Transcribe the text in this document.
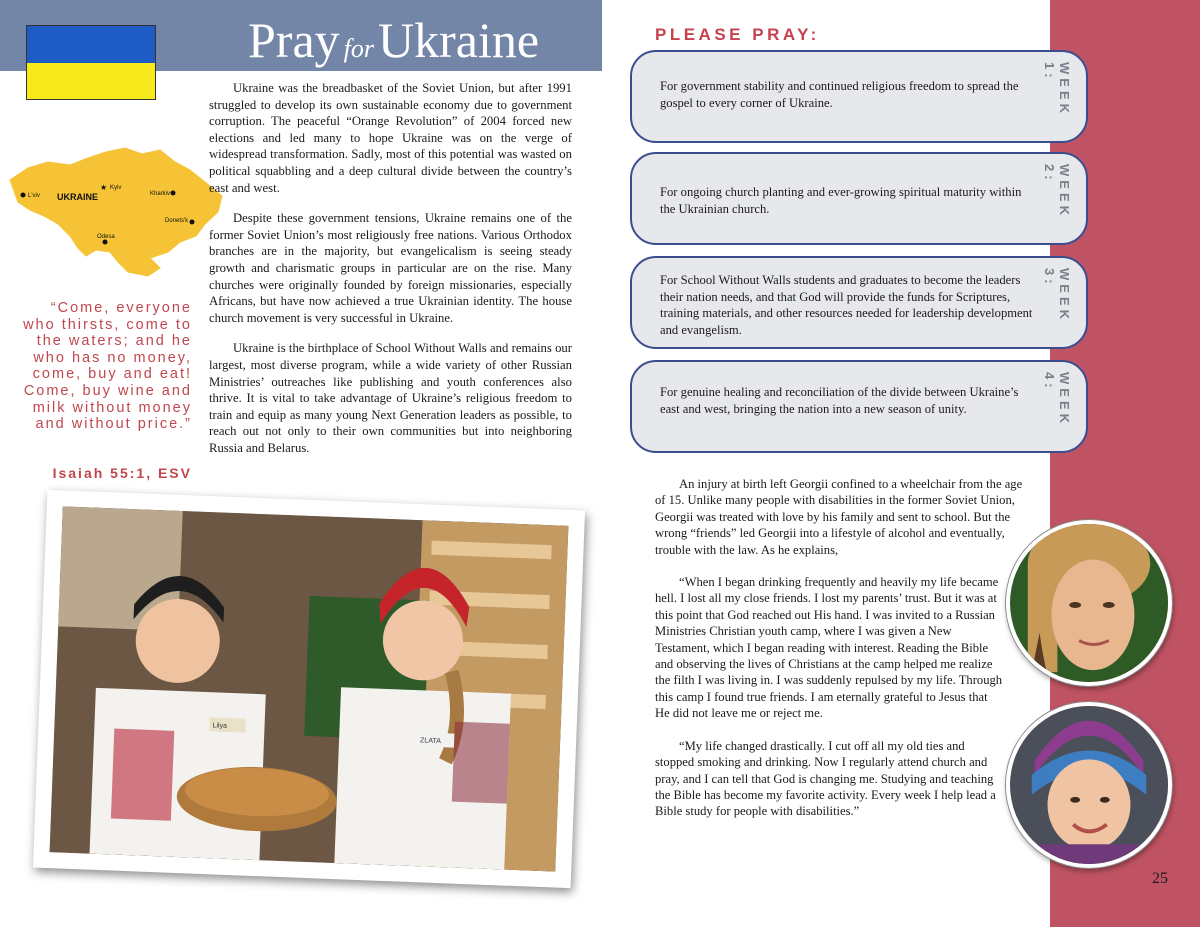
Pray forUkraine
L'viv UKRAINE
★ Kyiv
Kharkiv
Donets'k
Odesa
“Come, everyone who thirsts, come to the waters; and he who has no money, come, buy and eat! Come, buy wine and milk without money and without price.”
Isaiah 55:1, ESV

Ukraine was the breadbasket of the Soviet Union, but after 1991 struggled to develop its own sustainable economy due to government corruption. The peaceful “Orange Revolution” of 2004 forced new elections and led many to hope Ukraine was on the verge of widespread transformation. Sadly, most of this potential was wasted on political squabbling and a deep cultural divide between the country’s east and west.

Despite these government tensions, Ukraine remains one of the former Soviet Union’s most religiously free nations. Various Orthodox branches are in the majority, but evangelicalism is seeing steady growth and charismatic groups in particular are on the rise. Many churches were originally founded by foreign missionaries, especially Africans, but have now achieved a true Ukrainian identity. The house church movement is very successful in Ukraine.

Ukraine is the birthplace of School Without Walls and remains our largest, most diverse program, while a wide variety of other Russian Ministries’ outreaches like publishing and youth conferences also thrive. It is vital to take advantage of Ukraine’s religious freedom to train and equip as many young Next Generation leaders as possible, to reach out not only to their own communities but into neighboring Russia and Belarus.

Lilya
ZLATA
PLEASE PRAY:
For government stability and continued religious freedom to spread the gospel to every corner of Ukraine.	WEEK 1:
For ongoing church planting and ever-growing spiritual maturity within the Ukrainian church.	WEEK 2:
For School Without Walls students and graduates to become the leaders their nation needs, and that God will provide the funds for Scriptures, training materials, and other resources needed for leadership development and evangelism.
WEEK 3:
For genuine healing and reconciliation of the divide between Ukraine’s east and west, bringing the nation into a new season of unity.	WEEK 4:

An injury at birth left Georgii confined to a wheelchair from the age of 15. Unlike many people with disabilities in the former Soviet Union, Georgii was treated with love by his family and sent to school. But the wrong “friends” led Georgii into a lifestyle of alcohol and eventually, trouble with the law. As he explains,

“When I began drinking frequently and heavily my life became hell. I lost all my close friends. I lost my parents’ trust. But it was at this point that God reached out His hand. I was invited to a Russian Ministries Christian youth camp, where I was given a New Testament, which I began reading with interest. Reading the Bible and observing the lives of Christians at the camp helped me realize the filth I was living in. I was suddenly repulsed by my life. Through this camp I found true friends. I am eternally grateful to Jesus that He did not leave me or reject me.

“My life changed drastically. I cut off all my old ties and stopped smoking and drinking. Now I regularly attend church and pray, and I can tell that God is changing me. Studying and teaching the Bible has become my favorite activity. Every week I help lead a Bible study for people with disabilities.”

25
